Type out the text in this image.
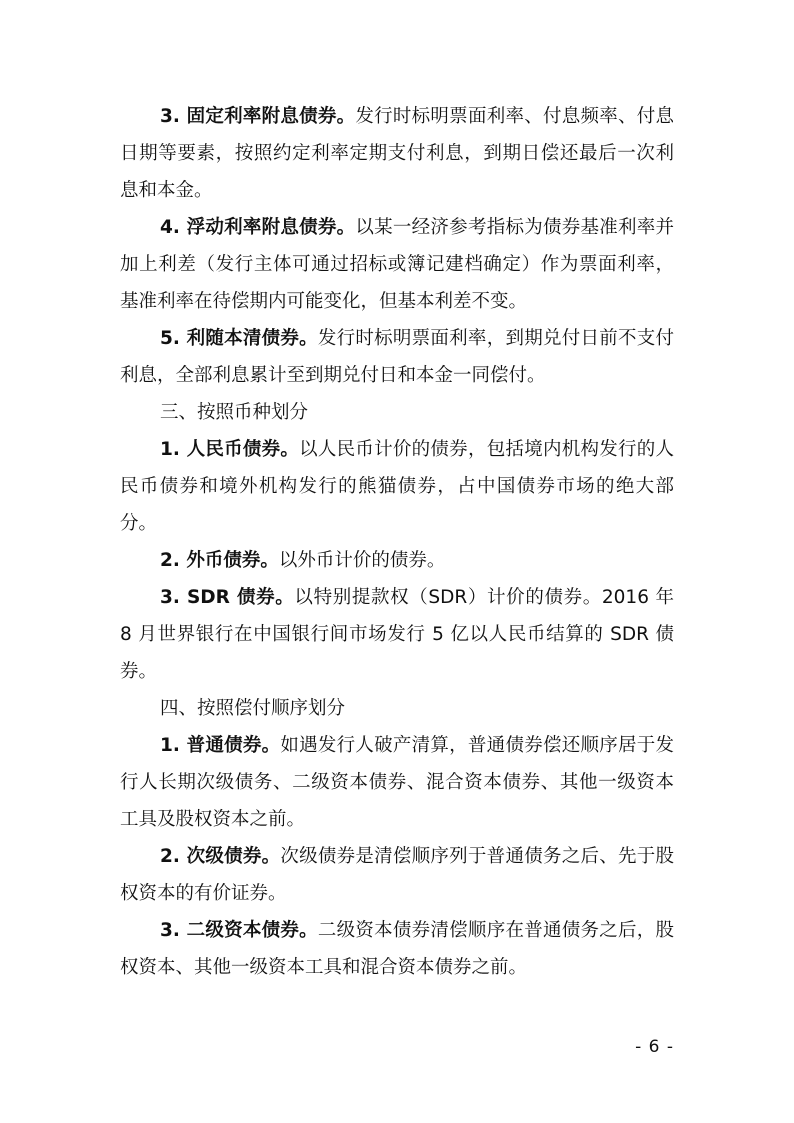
3. 固定利率附息债券。发行时标明票面利率、付息频率、付息日期等要素，按照约定利率定期支付利息，到期日偿还最后一次利息和本金。

4. 浮动利率附息债券。以某一经济参考指标为债券基准利率并加上利差（发行主体可通过招标或簿记建档确定）作为票面利率，基准利率在待偿期内可能变化，但基本利差不变。

5. 利随本清债券。发行时标明票面利率，到期兑付日前不支付利息，全部利息累计至到期兑付日和本金一同偿付。

三、按照币种划分

1. 人民币债券。以人民币计价的债券，包括境内机构发行的人民币债券和境外机构发行的熊猫债券，占中国债券市场的绝大部分。

2. 外币债券。以外币计价的债券。

3. SDR 债券。以特别提款权（SDR）计价的债券。2016 年 8 月世界银行在中国银行间市场发行 5 亿以人民币结算的 SDR 债券。

四、按照偿付顺序划分

1. 普通债券。如遇发行人破产清算，普通债券偿还顺序居于发行人长期次级债务、二级资本债券、混合资本债券、其他一级资本工具及股权资本之前。

2. 次级债券。次级债券是清偿顺序列于普通债务之后、先于股权资本的有价证券。

3. 二级资本债券。二级资本债券清偿顺序在普通债务之后，股权资本、其他一级资本工具和混合资本债券之前。

- 6 -
